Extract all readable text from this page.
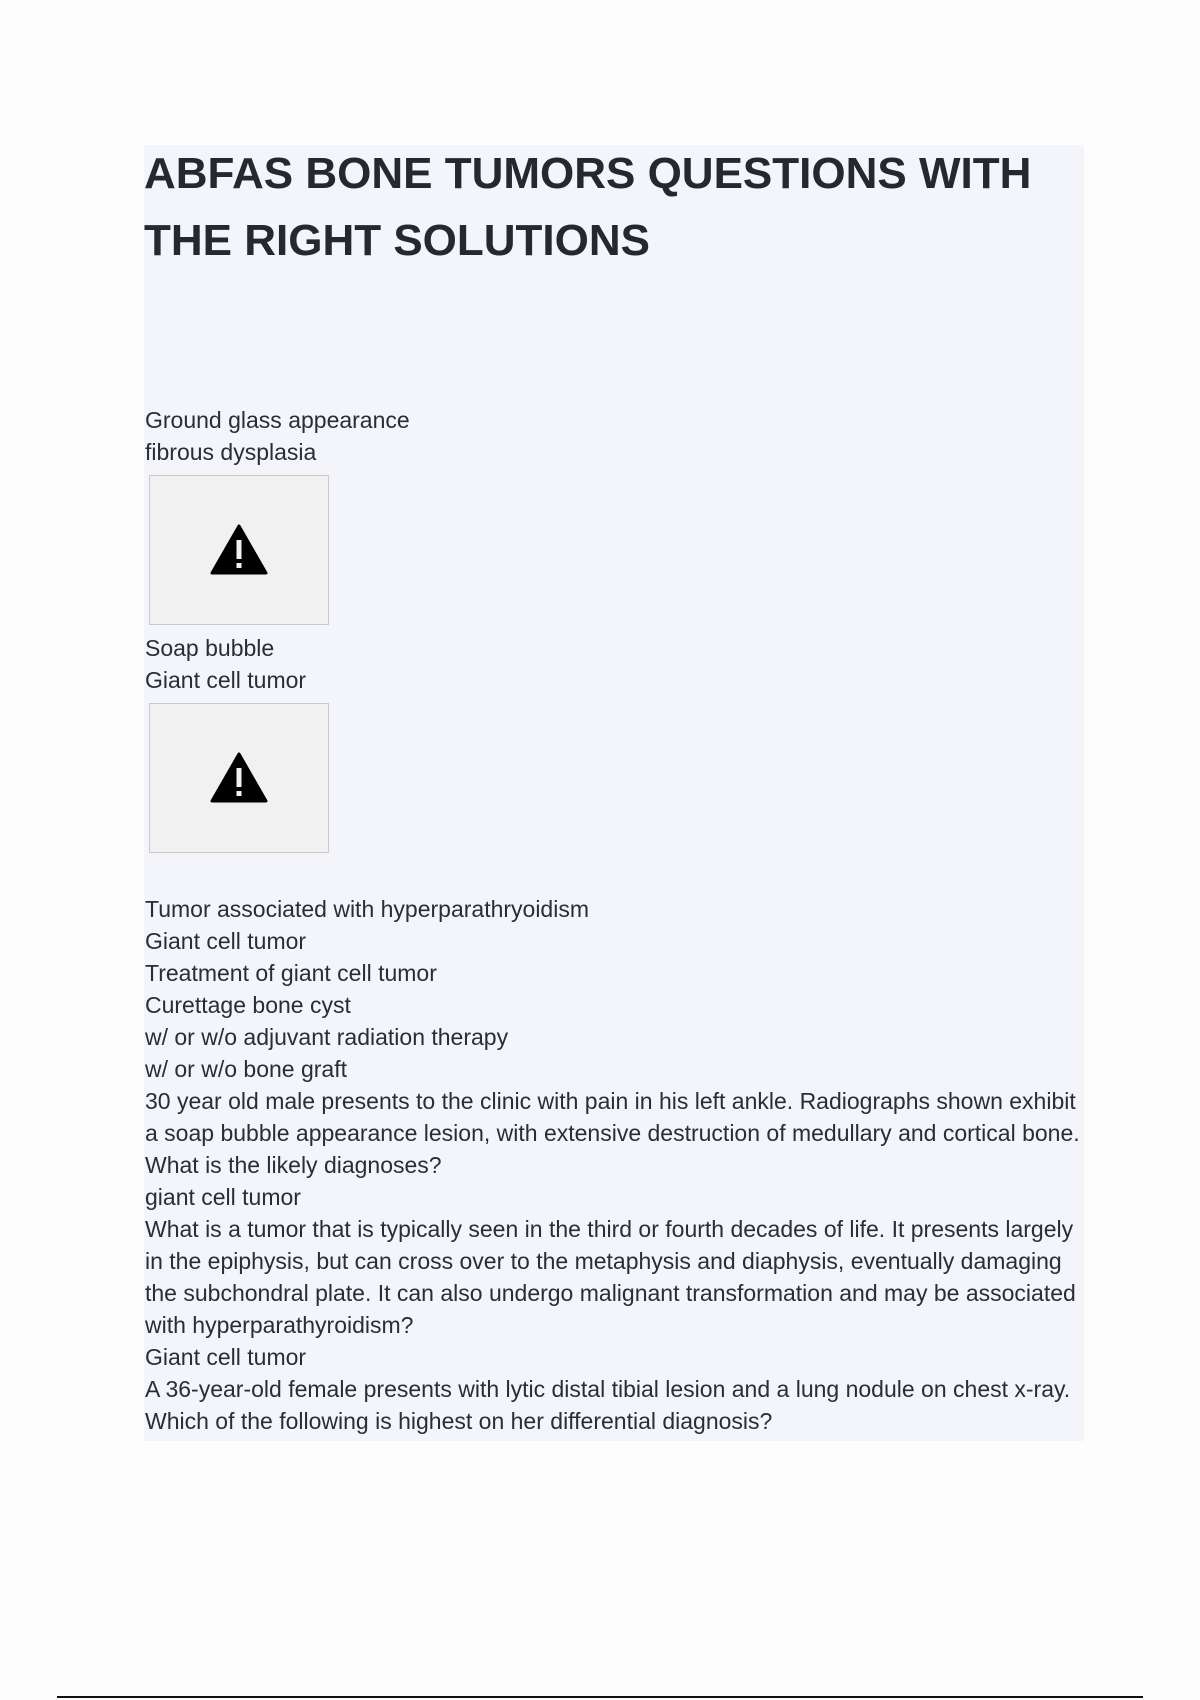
ABFAS BONE TUMORS QUESTIONS WITH THE RIGHT SOLUTIONS

Ground glass appearance

fibrous dysplasia

Soap bubble

Giant cell tumor

Tumor associated with hyperparathryoidism

Giant cell tumor

Treatment of giant cell tumor

Curettage bone cyst

w/ or w/o adjuvant radiation therapy

w/ or w/o bone graft

30 year old male presents to the clinic with pain in his left ankle. Radiographs shown exhibit a soap bubble appearance lesion, with extensive destruction of medullary and cortical bone. What is the likely diagnoses?

giant cell tumor

What is a tumor that is typically seen in the third or fourth decades of life. It presents largely in the epiphysis, but can cross over to the metaphysis and diaphysis, eventually damaging the subchondral plate. It can also undergo malignant transformation and may be associated with hyperparathyroidism?

Giant cell tumor

A 36-year-old female presents with lytic distal tibial lesion and a lung nodule on chest x-ray. Which of the following is highest on her differential diagnosis?
